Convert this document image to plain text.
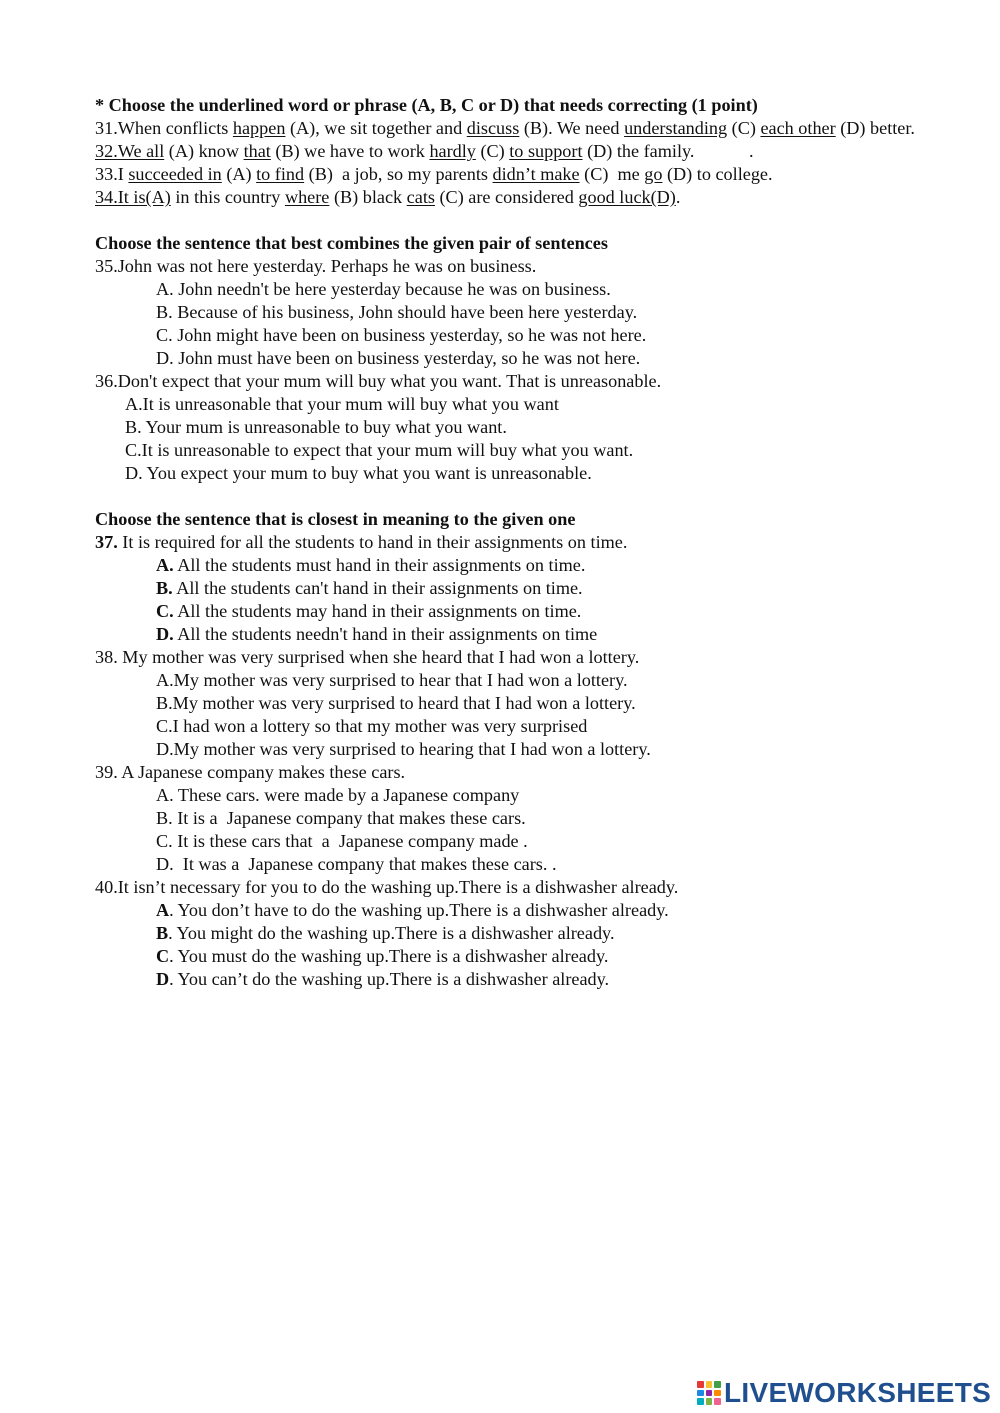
* Choose the underlined word or phrase (A, B, C or D) that needs correcting (1 point)
31.When conflicts happen (A), we sit together and discuss (B). We need understanding (C) each other (D) better.
32.We all (A) know that (B) we have to work hardly (C) to support (D) the family.            .
33.I succeeded in (A) to find (B)  a job, so my parents didn’t make (C)  me go (D) to college.
34.It is(A) in this country where (B) black cats (C) are considered good luck(D).
Choose the sentence that best combines the given pair of sentences
35.John was not here yesterday. Perhaps he was on business.
A. John needn't be here yesterday because he was on business.
B. Because of his business, John should have been here yesterday.
C. John might have been on business yesterday, so he was not here.
D. John must have been on business yesterday, so he was not here.
36.Don't expect that your mum will buy what you want. That is unreasonable.
A.It is unreasonable that your mum will buy what you want
B. Your mum is unreasonable to buy what you want.
C.It is unreasonable to expect that your mum will buy what you want.
D. You expect your mum to buy what you want is unreasonable.
Choose the sentence that is closest in meaning to the given one
37. It is required for all the students to hand in their assignments on time.
A. All the students must hand in their assignments on time.
B. All the students can't hand in their assignments on time.
C. All the students may hand in their assignments on time.
D. All the students needn't hand in their assignments on time
38. My mother was very surprised when she heard that I had won a lottery.
A.My mother was very surprised to hear that I had won a lottery.
B.My mother was very surprised to heard that I had won a lottery.
C.I had won a lottery so that my mother was very surprised
D.My mother was very surprised to hearing that I had won a lottery.
39. A Japanese company makes these cars.
A. These cars. were made by a Japanese company
B. It is a  Japanese company that makes these cars.
C. It is these cars that  a  Japanese company made .
D.  It was a  Japanese company that makes these cars. .
40.It isn’t necessary for you to do the washing up.There is a dishwasher already.
A. You don’t have to do the washing up.There is a dishwasher already.
B. You might do the washing up.There is a dishwasher already.
C. You must do the washing up.There is a dishwasher already.
D. You can’t do the washing up.There is a dishwasher already.
LIVEWORKSHEETS
